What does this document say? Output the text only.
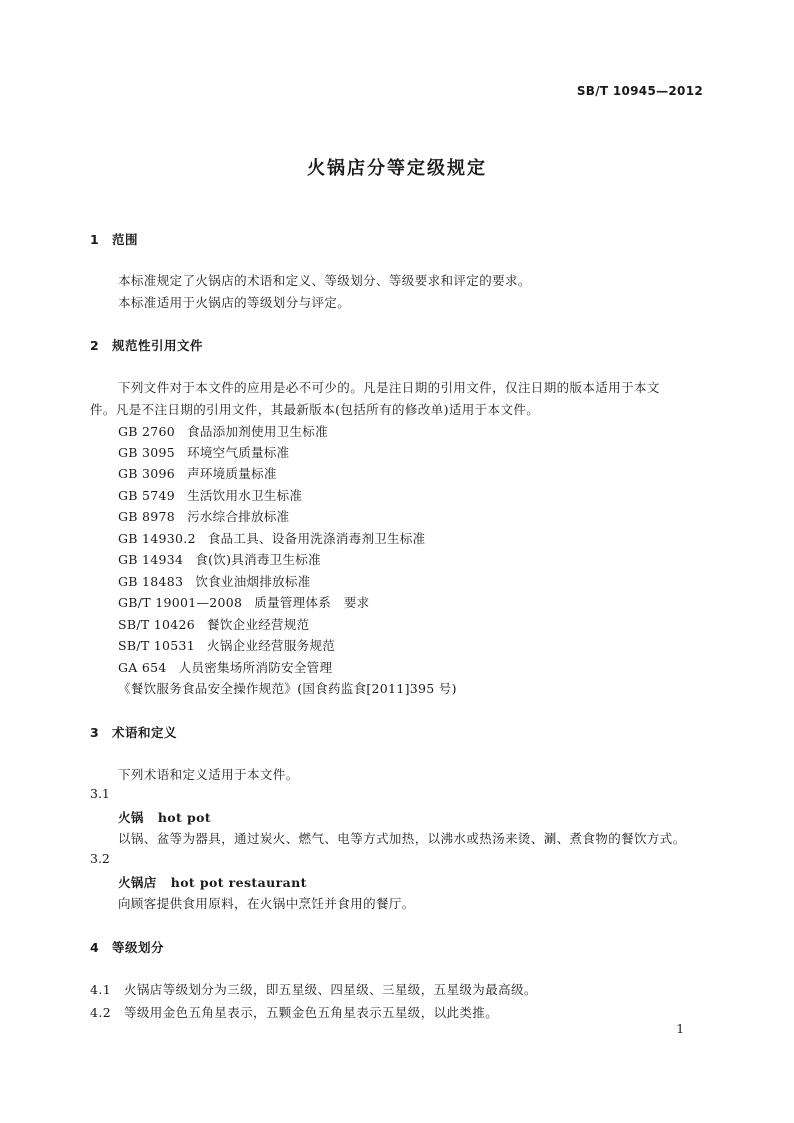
SB/T 10945—2012
火锅店分等定级规定
1 范围
本标准规定了火锅店的术语和定义、等级划分、等级要求和评定的要求。
本标准适用于火锅店的等级划分与评定。
2 规范性引用文件
下列文件对于本文件的应用是必不可少的。凡是注日期的引用文件，仅注日期的版本适用于本文
件。凡是不注日期的引用文件，其最新版本(包括所有的修改单)适用于本文件。
GB 2760 食品添加剂使用卫生标准
GB 3095 环境空气质量标准
GB 3096 声环境质量标准
GB 5749 生活饮用水卫生标准
GB 8978 污水综合排放标准
GB 14930.2 食品工具、设备用洗涤消毒剂卫生标准
GB 14934 食(饮)具消毒卫生标准
GB 18483 饮食业油烟排放标准
GB/T 19001—2008 质量管理体系　要求
SB/T 10426 餐饮企业经营规范
SB/T 10531 火锅企业经营服务规范
GA 654 人员密集场所消防安全管理
《餐饮服务食品安全操作规范》(国食药监食[2011]395 号)
3 术语和定义
下列术语和定义适用于本文件。
3.1
火锅 hot pot
以锅、盆等为器具，通过炭火、燃气、电等方式加热，以沸水或热汤来烫、涮、煮食物的餐饮方式。
3.2
火锅店 hot pot restaurant
向顾客提供食用原料，在火锅中烹饪并食用的餐厅。
4 等级划分
4.1 火锅店等级划分为三级，即五星级、四星级、三星级，五星级为最高级。
4.2 等级用金色五角星表示，五颗金色五角星表示五星级，以此类推。
1
